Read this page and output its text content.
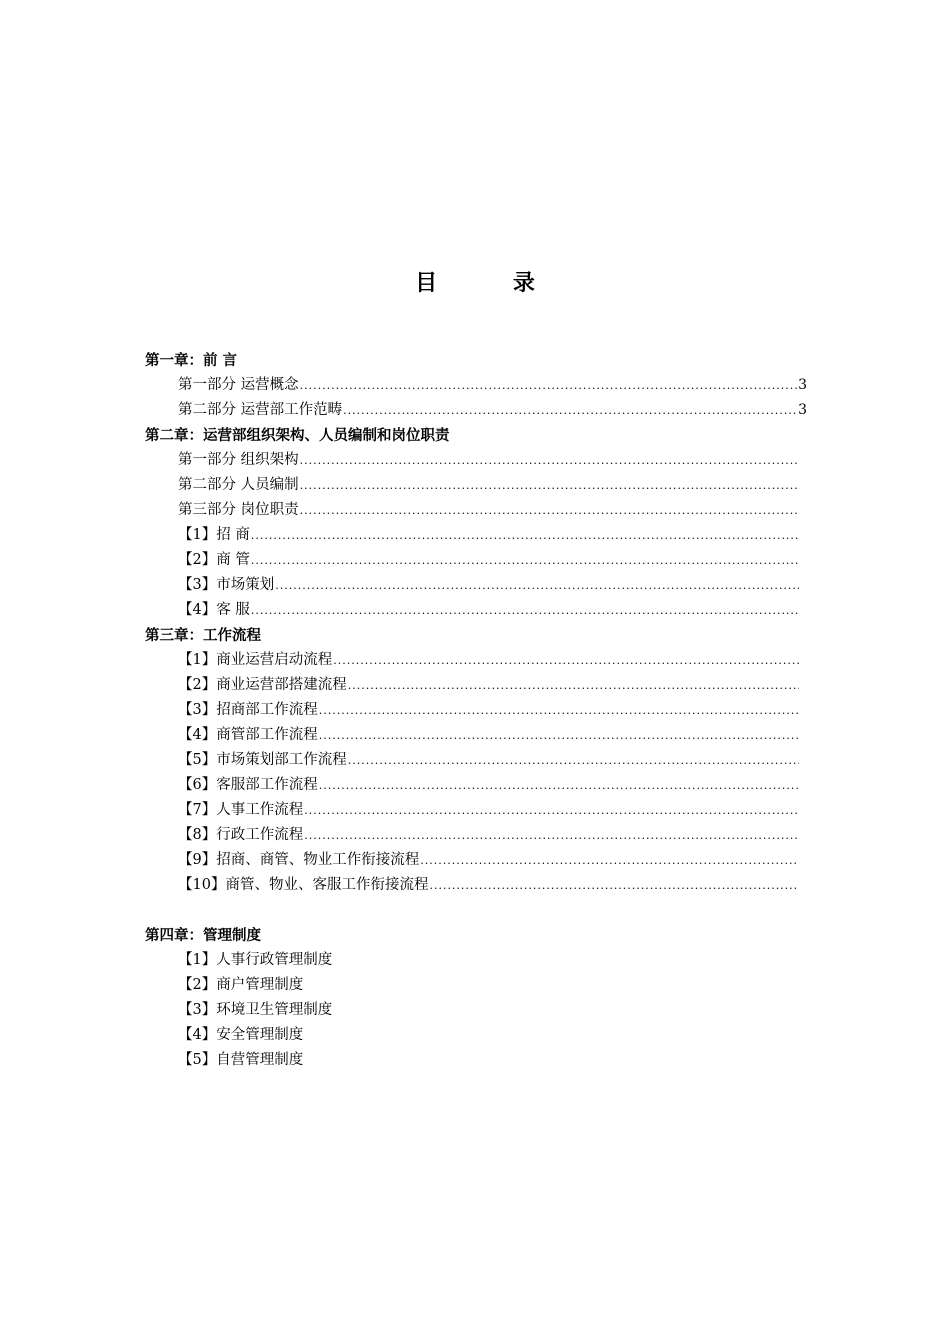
目 录
第一章：前 言
第一部分 运营概念 .....	3
第二部分 运营部工作范畴 .....	3
第二章：运营部组织架构、人员编制和岗位职责
第一部分 组织架构
.....
第二部分 人员编制
.....
第三部分 岗位职责
.....
【1】招 商
.....
【2】商 管
.....
【3】市场策划
.....
【4】客 服
.....
第三章：工作流程
【1】商业运营启动流程
.....
【2】商业运营部搭建流程
.....
【3】招商部工作流程
.....
【4】商管部工作流程
.....
【5】市场策划部工作流程
.....
【6】客服部工作流程
.....
【7】人事工作流程
.....
【8】行政工作流程
.....
【9】招商、商管、物业工作衔接流程
.....
【10】商管、物业、客服工作衔接流程
.....
第四章：管理制度
【1】人事行政管理制度
【2】商户管理制度
【3】环境卫生管理制度
【4】安全管理制度
【5】自营管理制度
